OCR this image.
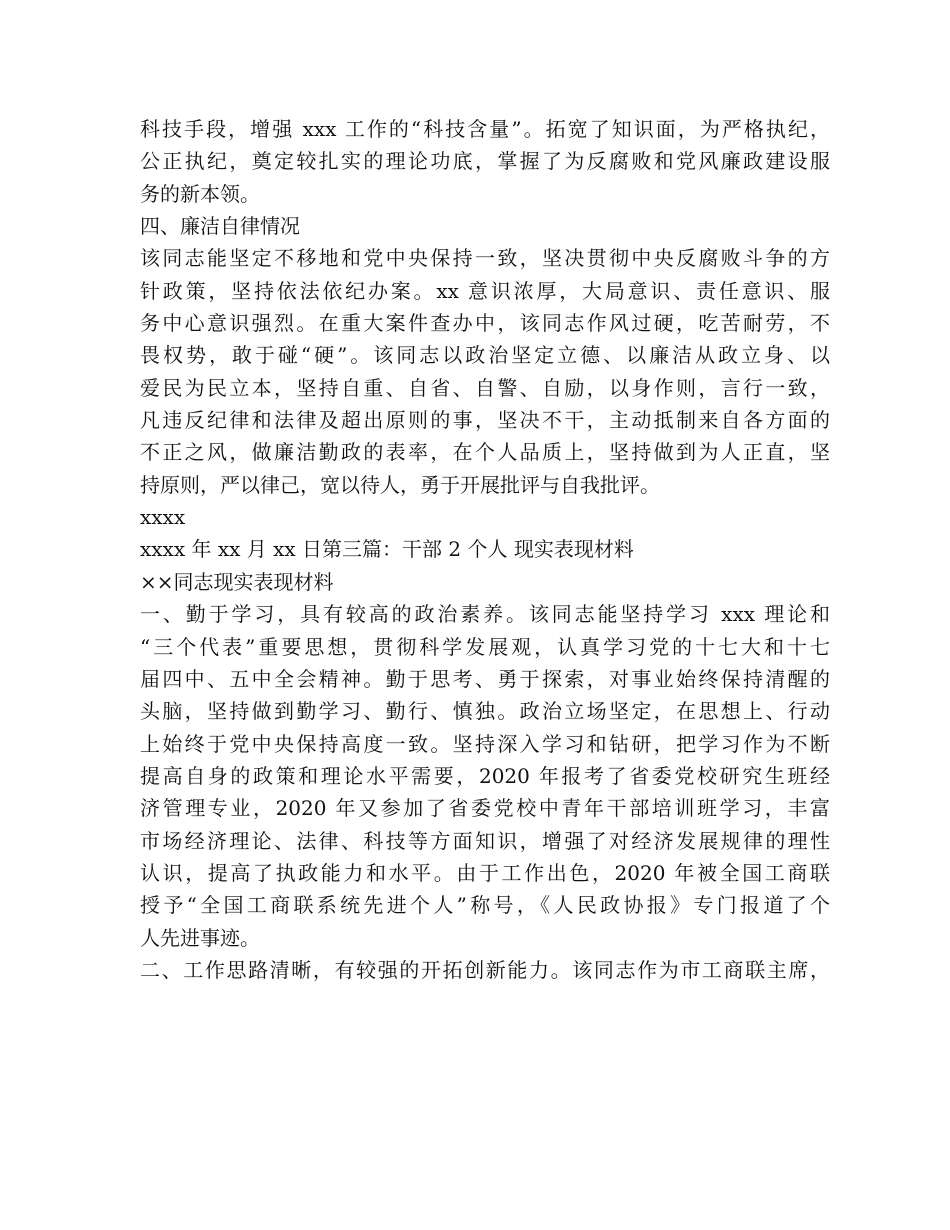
科技手段，增强 xxx 工作的“科技含量”。拓宽了知识面，为严格执纪，
公正执纪，奠定较扎实的理论功底，掌握了为反腐败和党风廉政建设服
务的新本领。
四、廉洁自律情况
该同志能坚定不移地和党中央保持一致，坚决贯彻中央反腐败斗争的方
针政策，坚持依法依纪办案。xx 意识浓厚，大局意识、责任意识、服
务中心意识强烈。在重大案件查办中，该同志作风过硬，吃苦耐劳，不
畏权势，敢于碰“硬”。该同志以政治坚定立德、以廉洁从政立身、以
爱民为民立本，坚持自重、自省、自警、自励，以身作则，言行一致，
凡违反纪律和法律及超出原则的事，坚决不干，主动抵制来自各方面的
不正之风，做廉洁勤政的表率，在个人品质上，坚持做到为人正直，坚
持原则，严以律己，宽以待人，勇于开展批评与自我批评。
xxxx
xxxx 年 xx 月 xx 日第三篇：干部 2 个人 现实表现材料
××同志现实表现材料
一、勤于学习，具有较高的政治素养。该同志能坚持学习 xxx 理论和
“三个代表”重要思想，贯彻科学发展观，认真学习党的十七大和十七
届四中、五中全会精神。勤于思考、勇于探索，对事业始终保持清醒的
头脑，坚持做到勤学习、勤行、慎独。政治立场坚定，在思想上、行动
上始终于党中央保持高度一致。坚持深入学习和钻研，把学习作为不断
提高自身的政策和理论水平需要，2020 年报考了省委党校研究生班经
济管理专业，2020 年又参加了省委党校中青年干部培训班学习，丰富
市场经济理论、法律、科技等方面知识，增强了对经济发展规律的理性
认识，提高了执政能力和水平。由于工作出色，2020 年被全国工商联
授予“全国工商联系统先进个人”称号，《人民政协报》专门报道了个
人先进事迹。
二、工作思路清晰，有较强的开拓创新能力。该同志作为市工商联主席，
